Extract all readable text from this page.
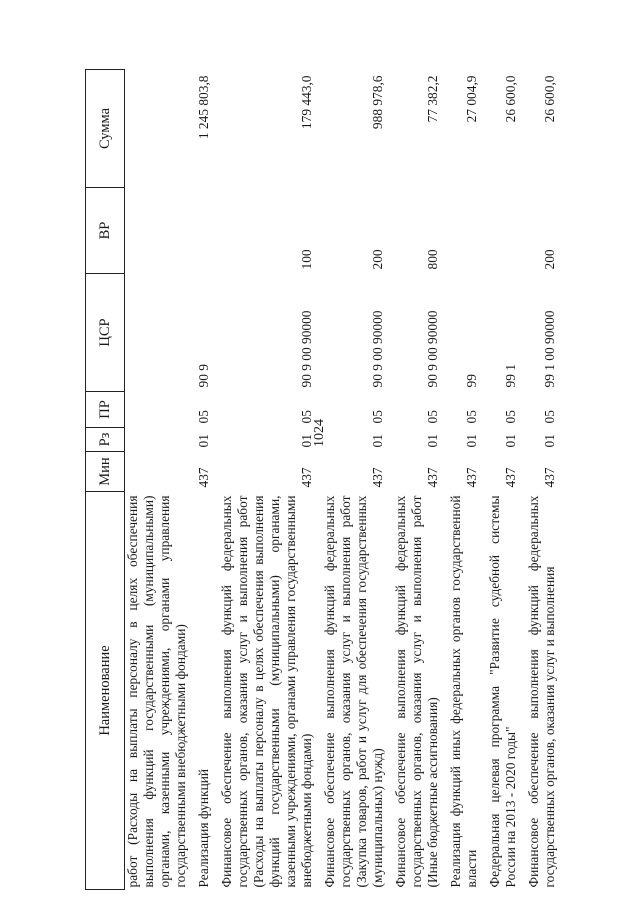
1024
Наименование	Мин	Рз	ПР	ЦСР	ВР	Сумма
работ (Расходы на выплаты персоналу в целях обеспечения выполнения функций государственными (муниципальными) органами, казенными учреждениями, органами управления государственными внебюджетными фондами)						

Реализация функций	437	01	05	90 9		1 245 803,8

Финансовое обеспечение выполнения функций федеральных государственных органов, оказания услуг и выполнения работ (Расходы на выплаты персоналу в целях обеспечения выполнения функций государственными (муниципальными) органами, казенными учреждениями, органами управления государственными внебюджетными фондами)	437	01	05	90 9 00 90000	100	179 443,0

Финансовое обеспечение выполнения функций федеральных государственных органов, оказания услуг и выполнения работ (Закупка товаров, работ и услуг для обеспечения государственных (муниципальных) нужд)	437	01	05	90 9 00 90000	200	988 978,6

Финансовое обеспечение выполнения функций федеральных государственных органов, оказания услуг и выполнения работ (Иные бюджетные ассигнования)	437	01	05	90 9 00 90000	800	77 382,2

Реализация функций иных федеральных органов государственной власти	437	01	05	99		27 004,9

Федеральная целевая программа "Развитие судебной системы России на 2013 - 2020 годы"	437	01	05	99 1		26 600,0

Финансовое обеспечение выполнения функций федеральных государственных органов, оказания услуг и выполнения	437	01	05	99 1 00 90000	200	26 600,0
